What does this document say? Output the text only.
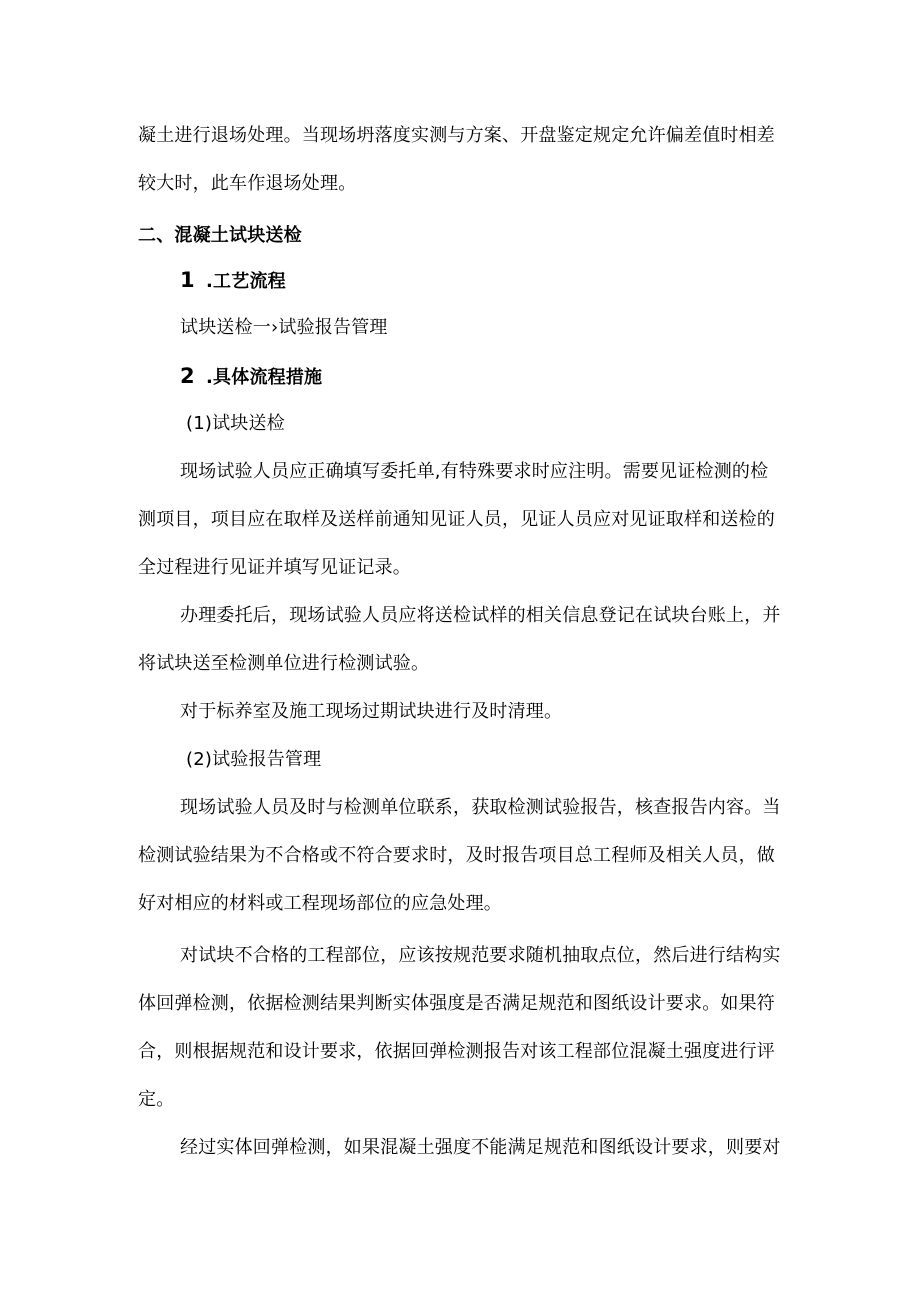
凝土进行退场处理。当现场坍落度实测与方案、开盘鉴定规定允许偏差值时相差
较大时，此车作退场处理。
二、混凝土试块送检
1 .工艺流程
试块送检一›试验报告管理
2 .具体流程措施
(1)试块送检
现场试验人员应正确填写委托单,有特殊要求时应注明。需要见证检测的检
测项目，项目应在取样及送样前通知见证人员，见证人员应对见证取样和送检的
全过程进行见证并填写见证记录。
办理委托后，现场试验人员应将送检试样的相关信息登记在试块台账上，并
将试块送至检测单位进行检测试验。
对于标养室及施工现场过期试块进行及时清理。
(2)试验报告管理
现场试验人员及时与检测单位联系，获取检测试验报告，核查报告内容。当
检测试验结果为不合格或不符合要求时，及时报告项目总工程师及相关人员，做
好对相应的材料或工程现场部位的应急处理。
对试块不合格的工程部位，应该按规范要求随机抽取点位，然后进行结构实
体回弹检测，依据检测结果判断实体强度是否满足规范和图纸设计要求。如果符
合，则根据规范和设计要求，依据回弹检测报告对该工程部位混凝土强度进行评
定。
经过实体回弹检测，如果混凝土强度不能满足规范和图纸设计要求，则要对
